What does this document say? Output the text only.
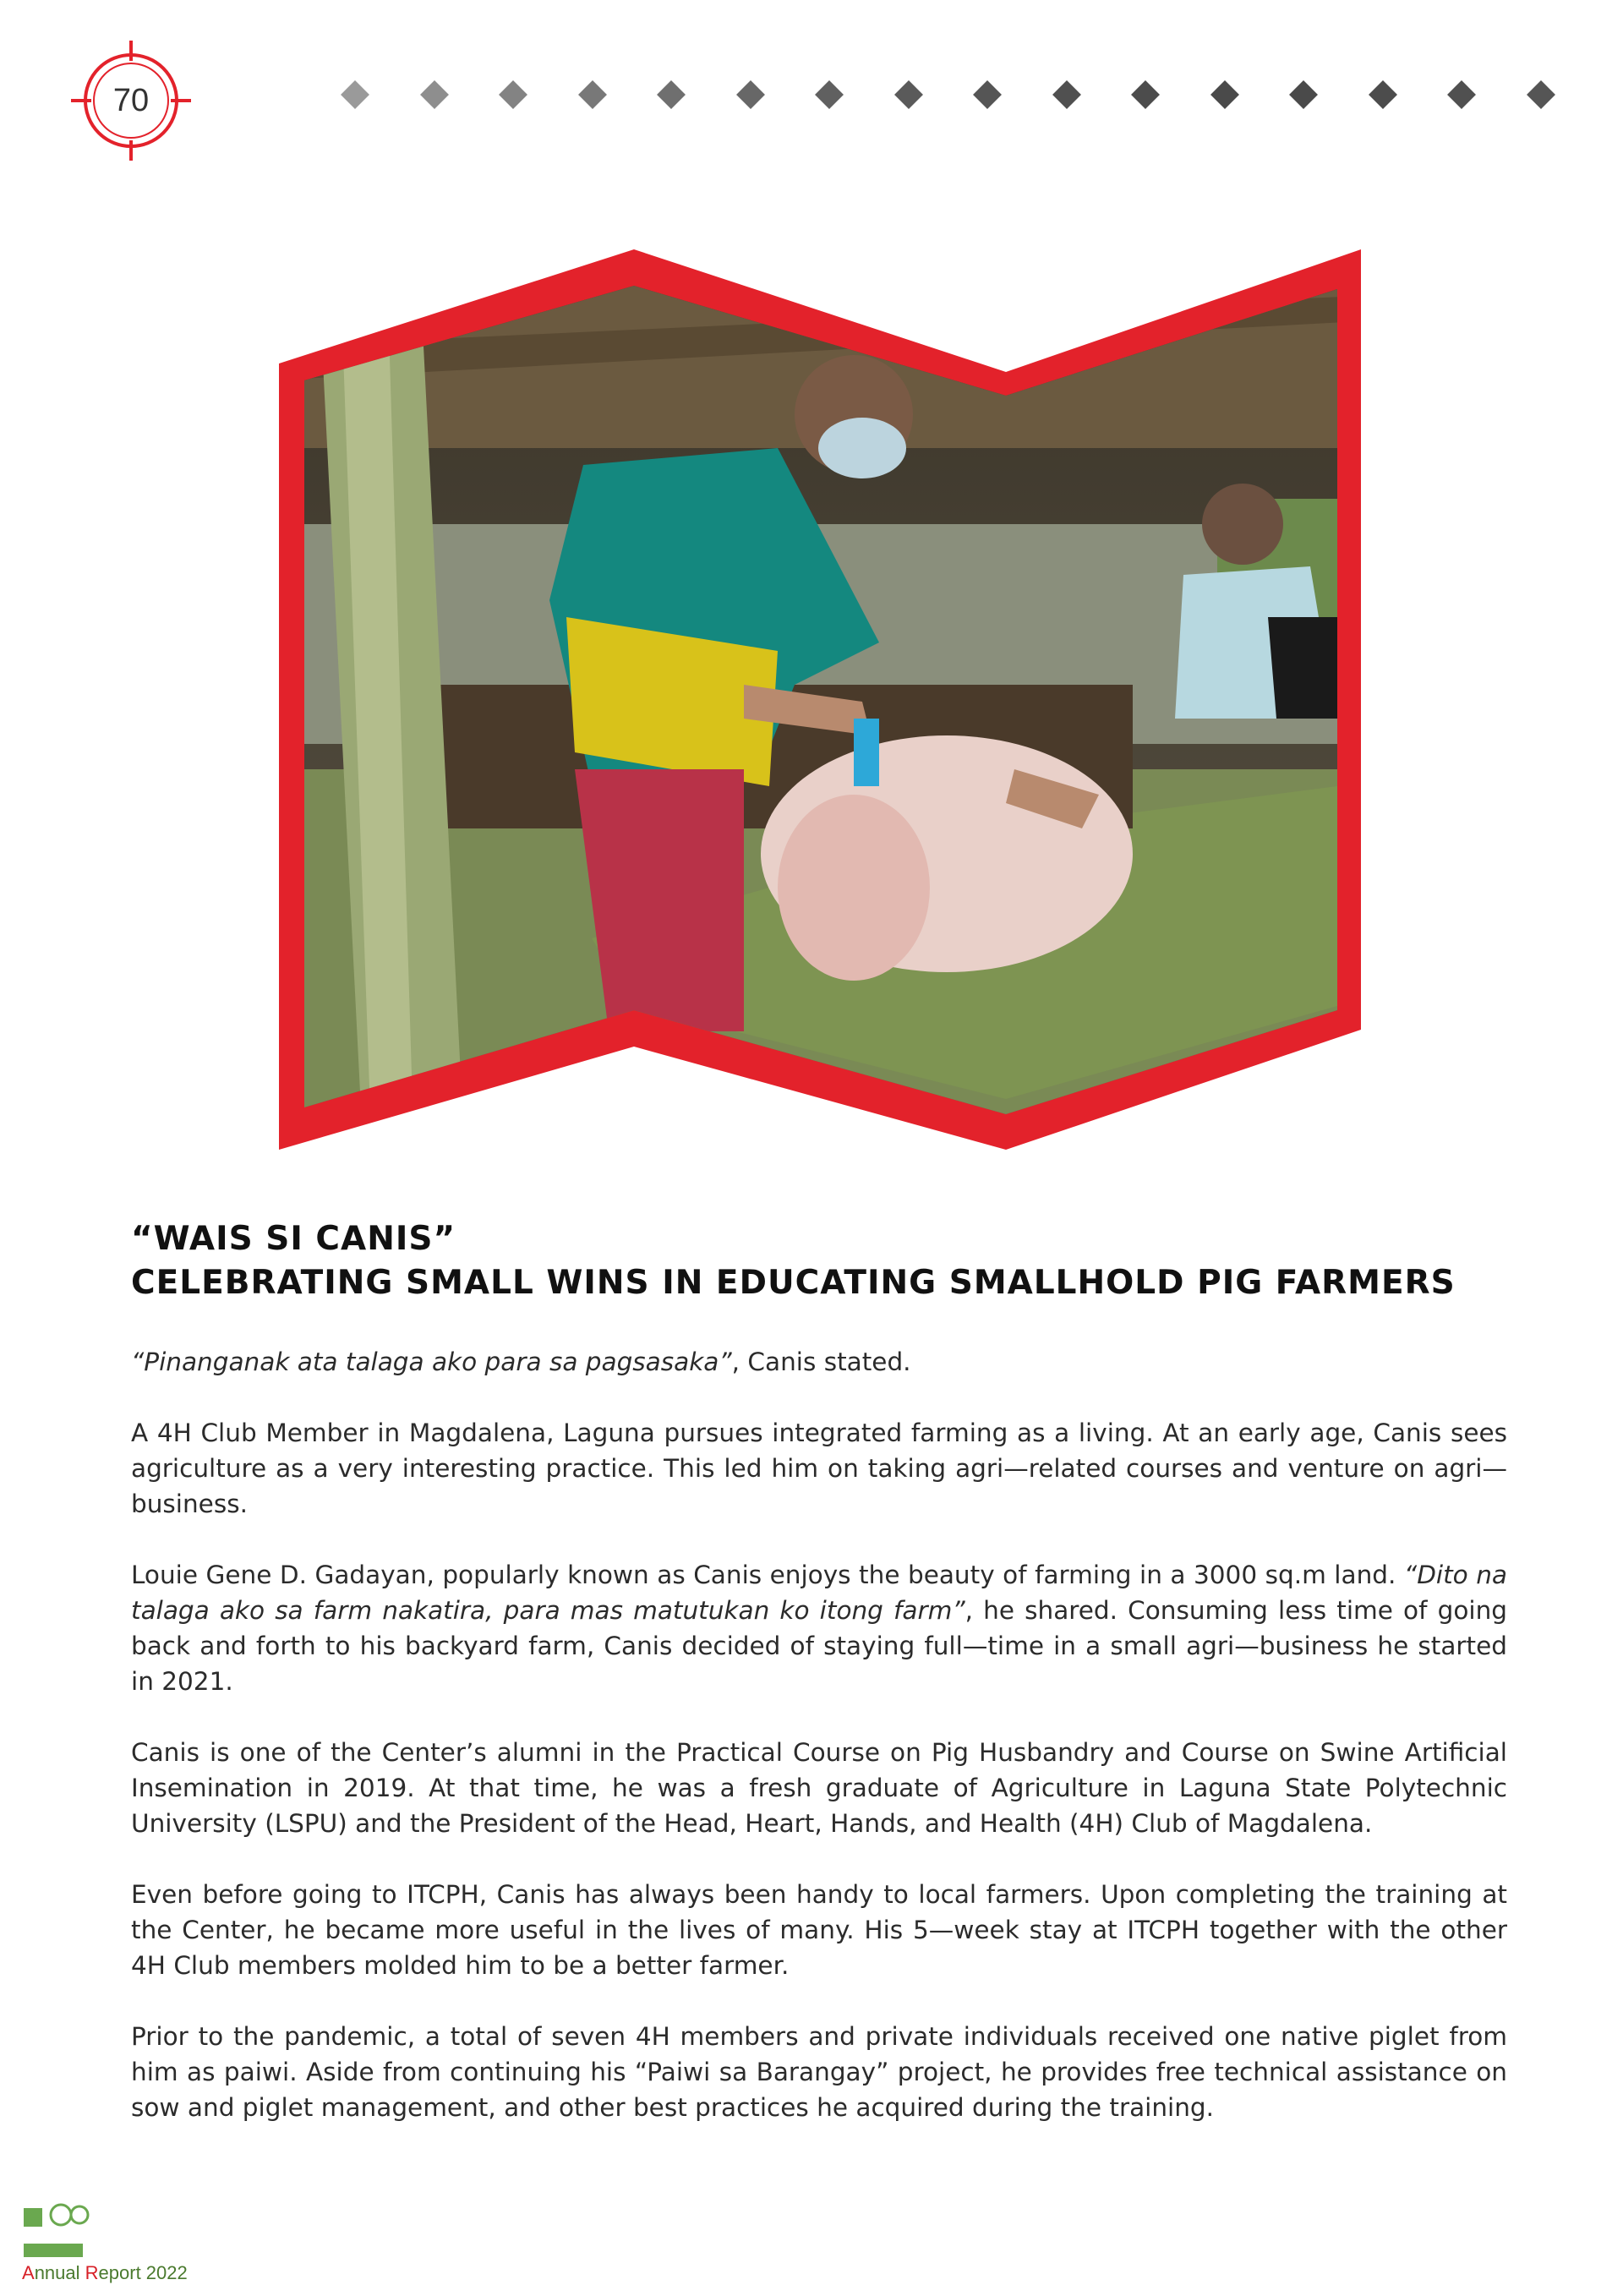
70
“WAIS SI CANIS”
CELEBRATING SMALL WINS IN EDUCATING SMALLHOLD PIG FARMERS

“Pinanganak ata talaga ako para sa pagsasaka”, Canis stated.

A 4H Club Member in Magdalena, Laguna pursues integrated farming as a living. At an early age, Canis sees agriculture as a very interesting practice. This led him on taking agri—related courses and venture on agri—business.

Louie Gene D. Gadayan, popularly known as Canis enjoys the beauty of farming in a 3000 sq.m land. “Dito na talaga ako sa farm nakatira, para mas matutukan ko itong farm”, he shared. Consuming less time of going back and forth to his backyard farm, Canis decided of staying full—time in a small agri—business he started in 2021.

Canis is one of the Center’s alumni in the Practical Course on Pig Husbandry and Course on Swine Artificial Insemination in 2019. At that time, he was a fresh graduate of Agriculture in Laguna State Polytechnic University (LSPU) and the President of the Head, Heart, Hands, and Health (4H) Club of Magdalena.

Even before going to ITCPH, Canis has always been handy to local farmers. Upon completing the training at the Center, he became more useful in the lives of many. His 5—week stay at ITCPH together with the other 4H Club members molded him to be a better farmer.

Prior to the pandemic, a total of seven 4H members and private individuals received one native piglet from him as paiwi. Aside from continuing his “Paiwi sa Barangay” project, he provides free technical assistance on sow and piglet management, and other best practices he acquired during the training.

Annual Report 2022
